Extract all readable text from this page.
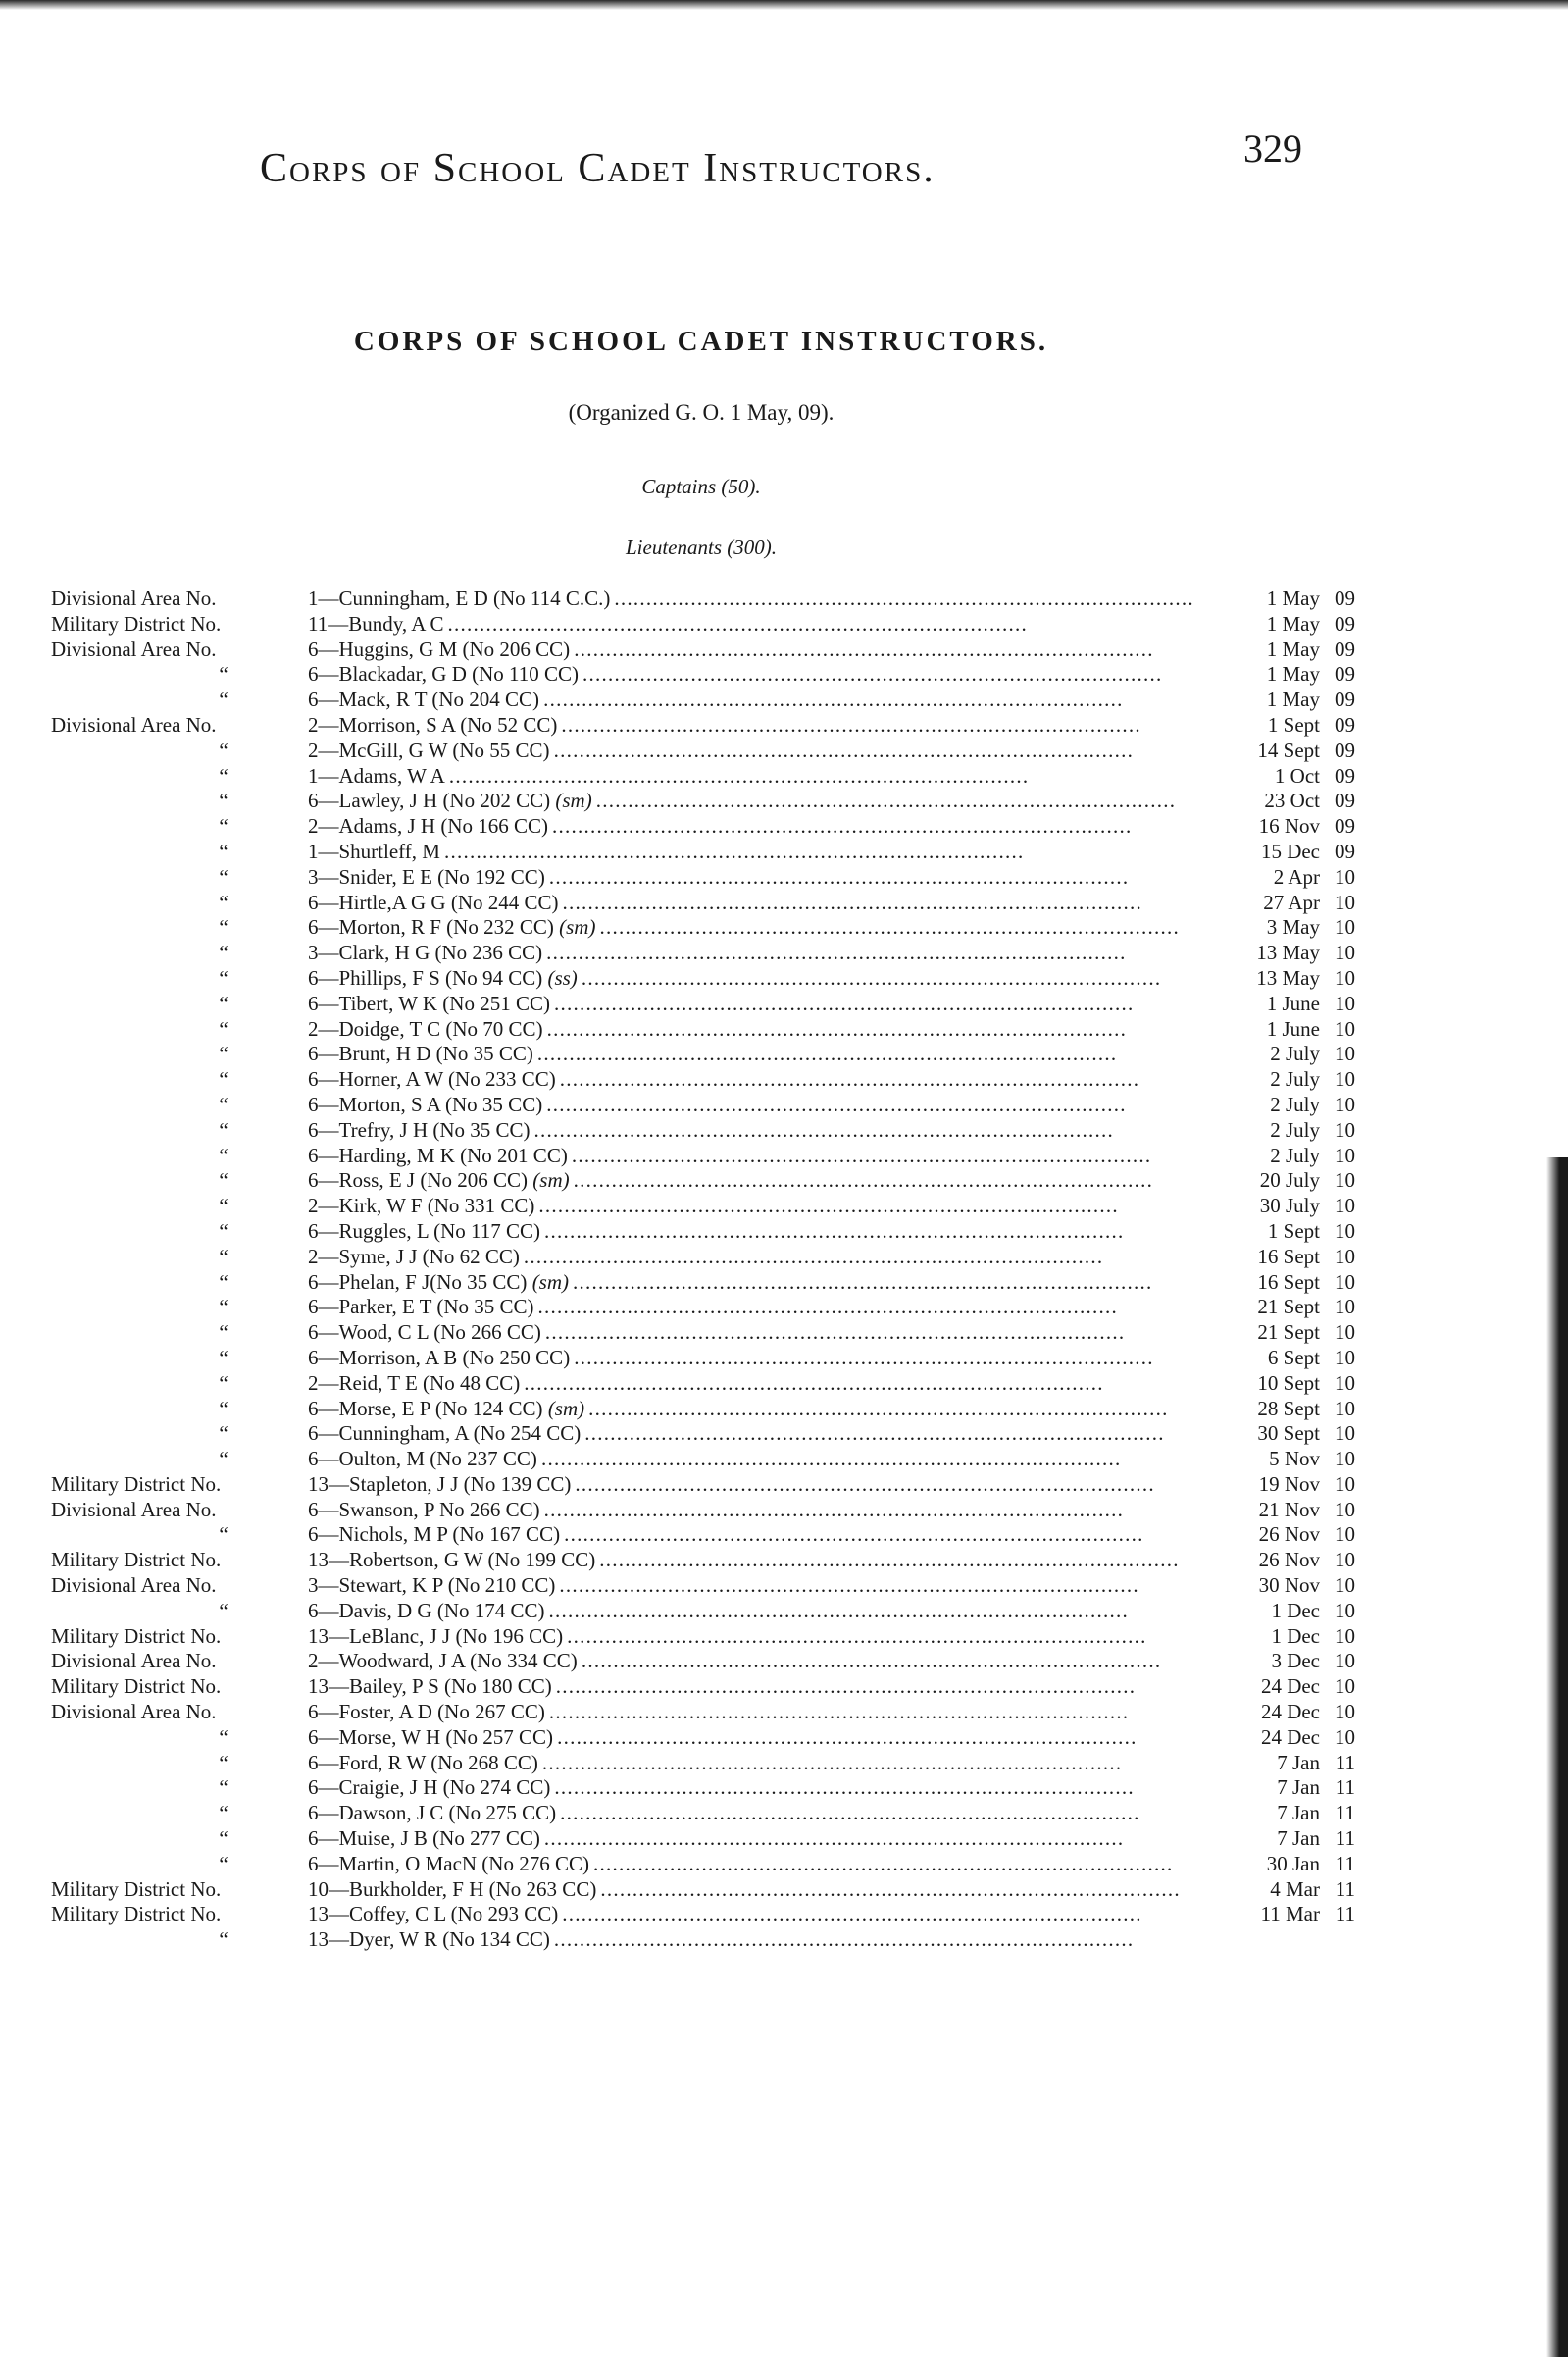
Corps of School Cadet Instructors.	329
CORPS OF SCHOOL CADET INSTRUCTORS.
(Organized G. O. 1 May, 09).
Captains (50).
Lieutenants (300).
Divisional Area No.	1—Cunningham, E D (No 114 C.C.) . . .	1 May 09
Military District No.	11—Bundy, A C . . .	1 May 09
Divisional Area No.	6—Huggins, G M (No 206 CC) . . .	1 May 09
“	6—Blackadar, G D (No 110 CC) . . .	1 May 09
“	6—Mack, R T (No 204 CC) . . .	1 May 09
Divisional Area No.	2—Morrison, S A (No 52 CC) . . .	1 Sept 09
“	2—McGill, G W (No 55 CC) . . .	14 Sept 09
“	1—Adams, W A . . .	1 Oct 09
“	6—Lawley, J H (No 202 CC) (sm) . . .	23 Oct 09
“	2—Adams, J H (No 166 CC) . . .	16 Nov 09
“	1—Shurtleff, M . . .	15 Dec 09
“	3—Snider, E E (No 192 CC) . . .	2 Apr 10
“	6—Hirtle,A G G (No 244 CC) . . .	27 Apr 10
“	6—Morton, R F (No 232 CC) (sm) . . .	3 May 10
“	3—Clark, H G (No 236 CC) . . .	13 May 10
“	6—Phillips, F S (No 94 CC) (ss) . . .	13 May 10
“	6—Tibert, W K (No 251 CC) . . .	1 June 10
“	2—Doidge, T C (No 70 CC) . . .	1 June 10
“	6—Brunt, H D (No 35 CC) . . .	2 July 10
“	6—Horner, A W (No 233 CC) . . .	2 July 10
“	6—Morton, S A (No 35 CC) . . .	2 July 10
“	6—Trefry, J H (No 35 CC) . . .	2 July 10
“	6—Harding, M K (No 201 CC) . . .	2 July 10
“	6—Ross, E J (No 206 CC) (sm) . . .	20 July 10
“	2—Kirk, W F (No 331 CC) . . .	30 July 10
“	6—Ruggles, L (No 117 CC) . . .	1 Sept 10
“	2—Syme, J J (No 62 CC) . . .	16 Sept 10
“	6—Phelan, F J(No 35 CC) (sm) . . .	16 Sept 10
“	6—Parker, E T (No 35 CC) . . .	21 Sept 10
“	6—Wood, C L (No 266 CC) . . .	21 Sept 10
“	6—Morrison, A B (No 250 CC) . . .	6 Sept 10
“	2—Reid, T E (No 48 CC) . . .	10 Sept 10
“	6—Morse, E P (No 124 CC) (sm) . . .	28 Sept 10
“	6—Cunningham, A (No 254 CC) . . .	30 Sept 10
“	6—Oulton, M (No 237 CC) . . .	5 Nov 10
Military District No.	13—Stapleton, J J (No 139 CC) . . .	19 Nov 10
Divisional Area No.	6—Swanson, P No 266 CC) . . .	21 Nov 10
“	6—Nichols, M P (No 167 CC) . . .	26 Nov 10
Military District No.	13—Robertson, G W (No 199 CC) . . .	26 Nov 10
Divisional Area No.	3—Stewart, K P (No 210 CC) . . .	30 Nov 10
“	6—Davis, D G (No 174 CC) . . .	1 Dec 10
Military District No.	13—LeBlanc, J J (No 196 CC) . . .	1 Dec 10
Divisional Area No.	2—Woodward, J A (No 334 CC) . . .	3 Dec 10
Military District No.	13—Bailey, P S (No 180 CC) . . .	24 Dec 10
Divisional Area No.	6—Foster, A D (No 267 CC) . . .	24 Dec 10
“	6—Morse, W H (No 257 CC) . . .	24 Dec 10
“	6—Ford, R W (No 268 CC) . . .	7 Jan 11
“	6—Craigie, J H (No 274 CC) . . .	7 Jan 11
“	6—Dawson, J C (No 275 CC) . . .	7 Jan 11
“	6—Muise, J B (No 277 CC) . . .	7 Jan 11
“	6—Martin, O MacN (No 276 CC) . . .	30 Jan 11
Military District No.	10—Burkholder, F H (No 263 CC) . . .	4 Mar 11
Military District No.	13—Coffey, C L (No 293 CC) . . .	11 Mar 11
“	13—Dyer, W R (No 134 CC)
. . .
